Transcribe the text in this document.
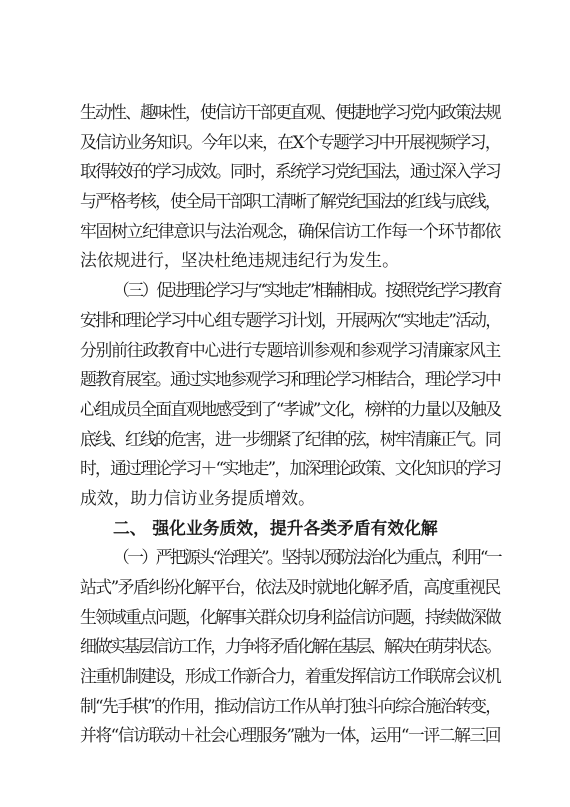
生动性、趣味性，使信访干部更直观、便捷地学习党内政策法规
及信访业务知识。今年以来，在X个专题学习中开展视频学习，
取得较好的学习成效。同时，系统学习党纪国法，通过深入学习
与严格考核，使全局干部职工清晰了解党纪国法的红线与底线，
牢固树立纪律意识与法治观念，确保信访工作每一个环节都依
法依规进行，坚决杜绝违规违纪行为发生。
（三）促进理论学习与“实地走”相辅相成。按照党纪学习教育
安排和理论学习中心组专题学习计划，开展两次“实地走”活动，
分别前往政教育中心进行专题培训参观和参观学习清廉家风主
题教育展室。通过实地参观学习和理论学习相结合，理论学习中
心组成员全面直观地感受到了“孝诚”文化，榜样的力量以及触及
底线、红线的危害，进一步绷紧了纪律的弦，树牢清廉正气。同
时，通过理论学习＋“实地走”，加深理论政策、文化知识的学习
成效，助力信访业务提质增效。
二、 强化业务质效，提升各类矛盾有效化解
（一）严把源头“治理关”。坚持以预防法治化为重点，利用“一
站式”矛盾纠纷化解平台，依法及时就地化解矛盾，高度重视民
生领域重点问题，化解事关群众切身利益信访问题，持续做深做
细做实基层信访工作，力争将矛盾化解在基层、解决在萌芽状态。
注重机制建设，形成工作新合力，着重发挥信访工作联席会议机
制“先手棋”的作用，推动信访工作从单打独斗向综合施治转变，
并将“信访联动＋社会心理服务”融为一体，运用“一评二解三回
